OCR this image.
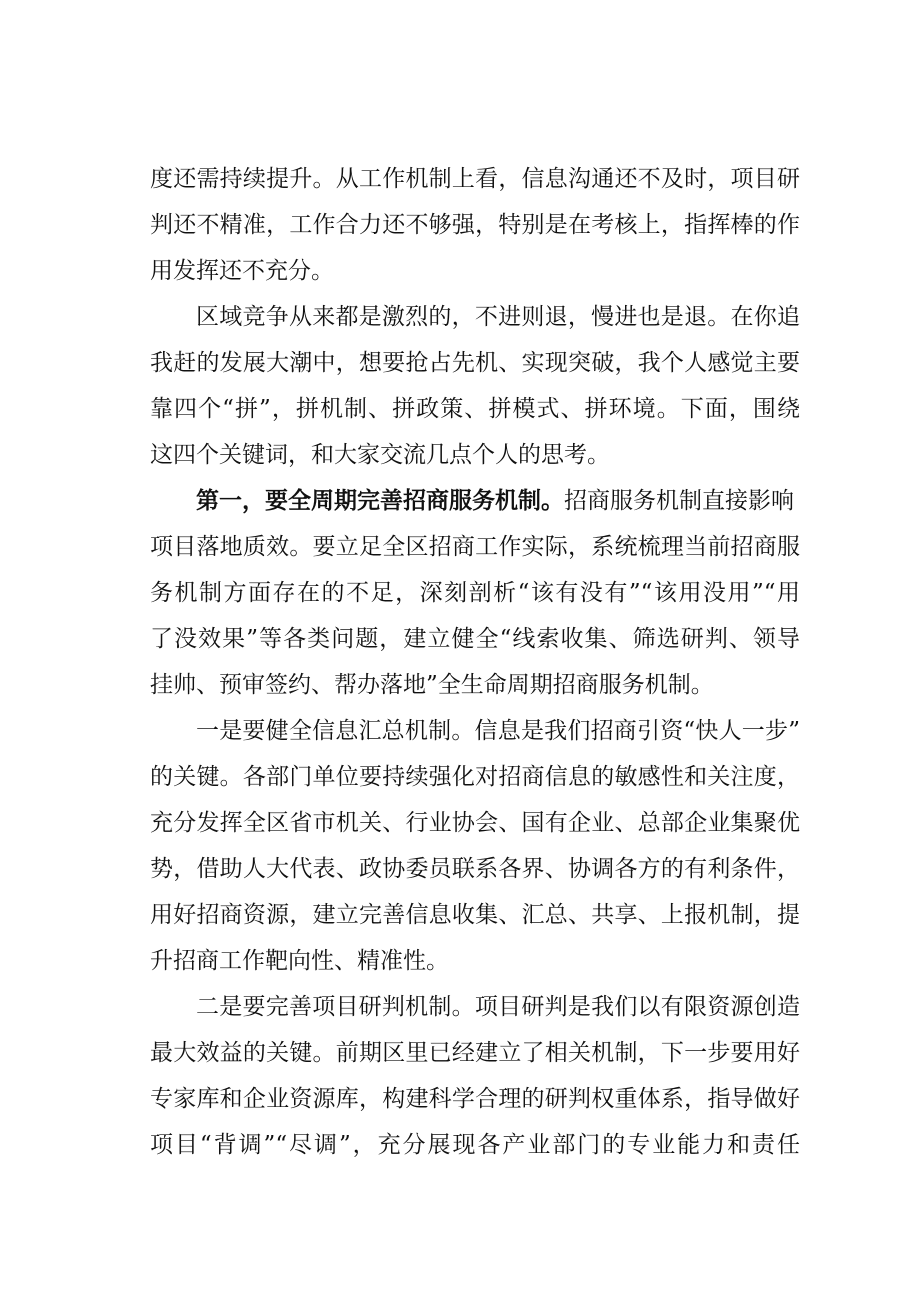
度还需持续提升。从工作机制上看，信息沟通还不及时，项目研
判还不精准，工作合力还不够强，特别是在考核上，指挥棒的作
用发挥还不充分。
区域竞争从来都是激烈的，不进则退，慢进也是退。在你追
我赶的发展大潮中，想要抢占先机、实现突破，我个人感觉主要
靠四个“拼”，拼机制、拼政策、拼模式、拼环境。下面，围绕
这四个关键词，和大家交流几点个人的思考。
第一，要全周期完善招商服务机制。招商服务机制直接影响
项目落地质效。要立足全区招商工作实际，系统梳理当前招商服
务机制方面存在的不足，深刻剖析“该有没有”“该用没用”“用
了没效果”等各类问题，建立健全“线索收集、筛选研判、领导
挂帅、预审签约、帮办落地”全生命周期招商服务机制。
一是要健全信息汇总机制。信息是我们招商引资“快人一步”
的关键。各部门单位要持续强化对招商信息的敏感性和关注度，
充分发挥全区省市机关、行业协会、国有企业、总部企业集聚优
势，借助人大代表、政协委员联系各界、协调各方的有利条件，
用好招商资源，建立完善信息收集、汇总、共享、上报机制，提
升招商工作靶向性、精准性。
二是要完善项目研判机制。项目研判是我们以有限资源创造
最大效益的关键。前期区里已经建立了相关机制，下一步要用好
专家库和企业资源库，构建科学合理的研判权重体系，指导做好
项目“背调”“尽调”，充分展现各产业部门的专业能力和责任
